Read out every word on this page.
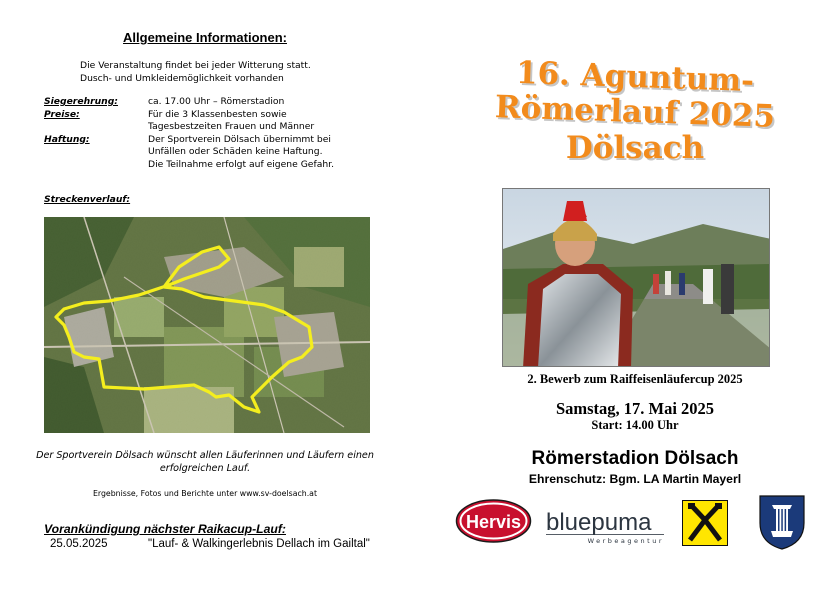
Allgemeine Informationen:
Die Veranstaltung findet bei jeder Witterung statt.
Dusch- und Umkleidemöglichkeit vorhanden
Siegerehrung:	ca. 17.00 Uhr – Römerstadion
Preise:	Für die 3 Klassenbesten sowie
Tagesbestzeiten Frauen und Männer
Haftung:	Der Sportverein Dölsach übernimmt bei
Unfällen oder Schäden keine Haftung.
Die Teilnahme erfolgt auf eigene Gefahr.
Streckenverlauf:
Der Sportverein Dölsach wünscht allen Läuferinnen und Läufern einen
erfolgreichen Lauf.
Ergebnisse, Fotos und Berichte unter www.sv-doelsach.at
Vorankündigung nächster Raikacup-Lauf:
25.05.2025	"Lauf- & Walkingerlebnis Dellach im Gailtal"
16. Aguntum-
Römerlauf 2025
Dölsach
2. Bewerb zum Raiffeisenläufercup 2025
Samstag, 17. Mai 2025
Start: 14.00 Uhr
Römerstadion Dölsach
Ehrenschutz: Bgm. LA Martin Mayerl
Hervis bluepuma
Werbeagentur
